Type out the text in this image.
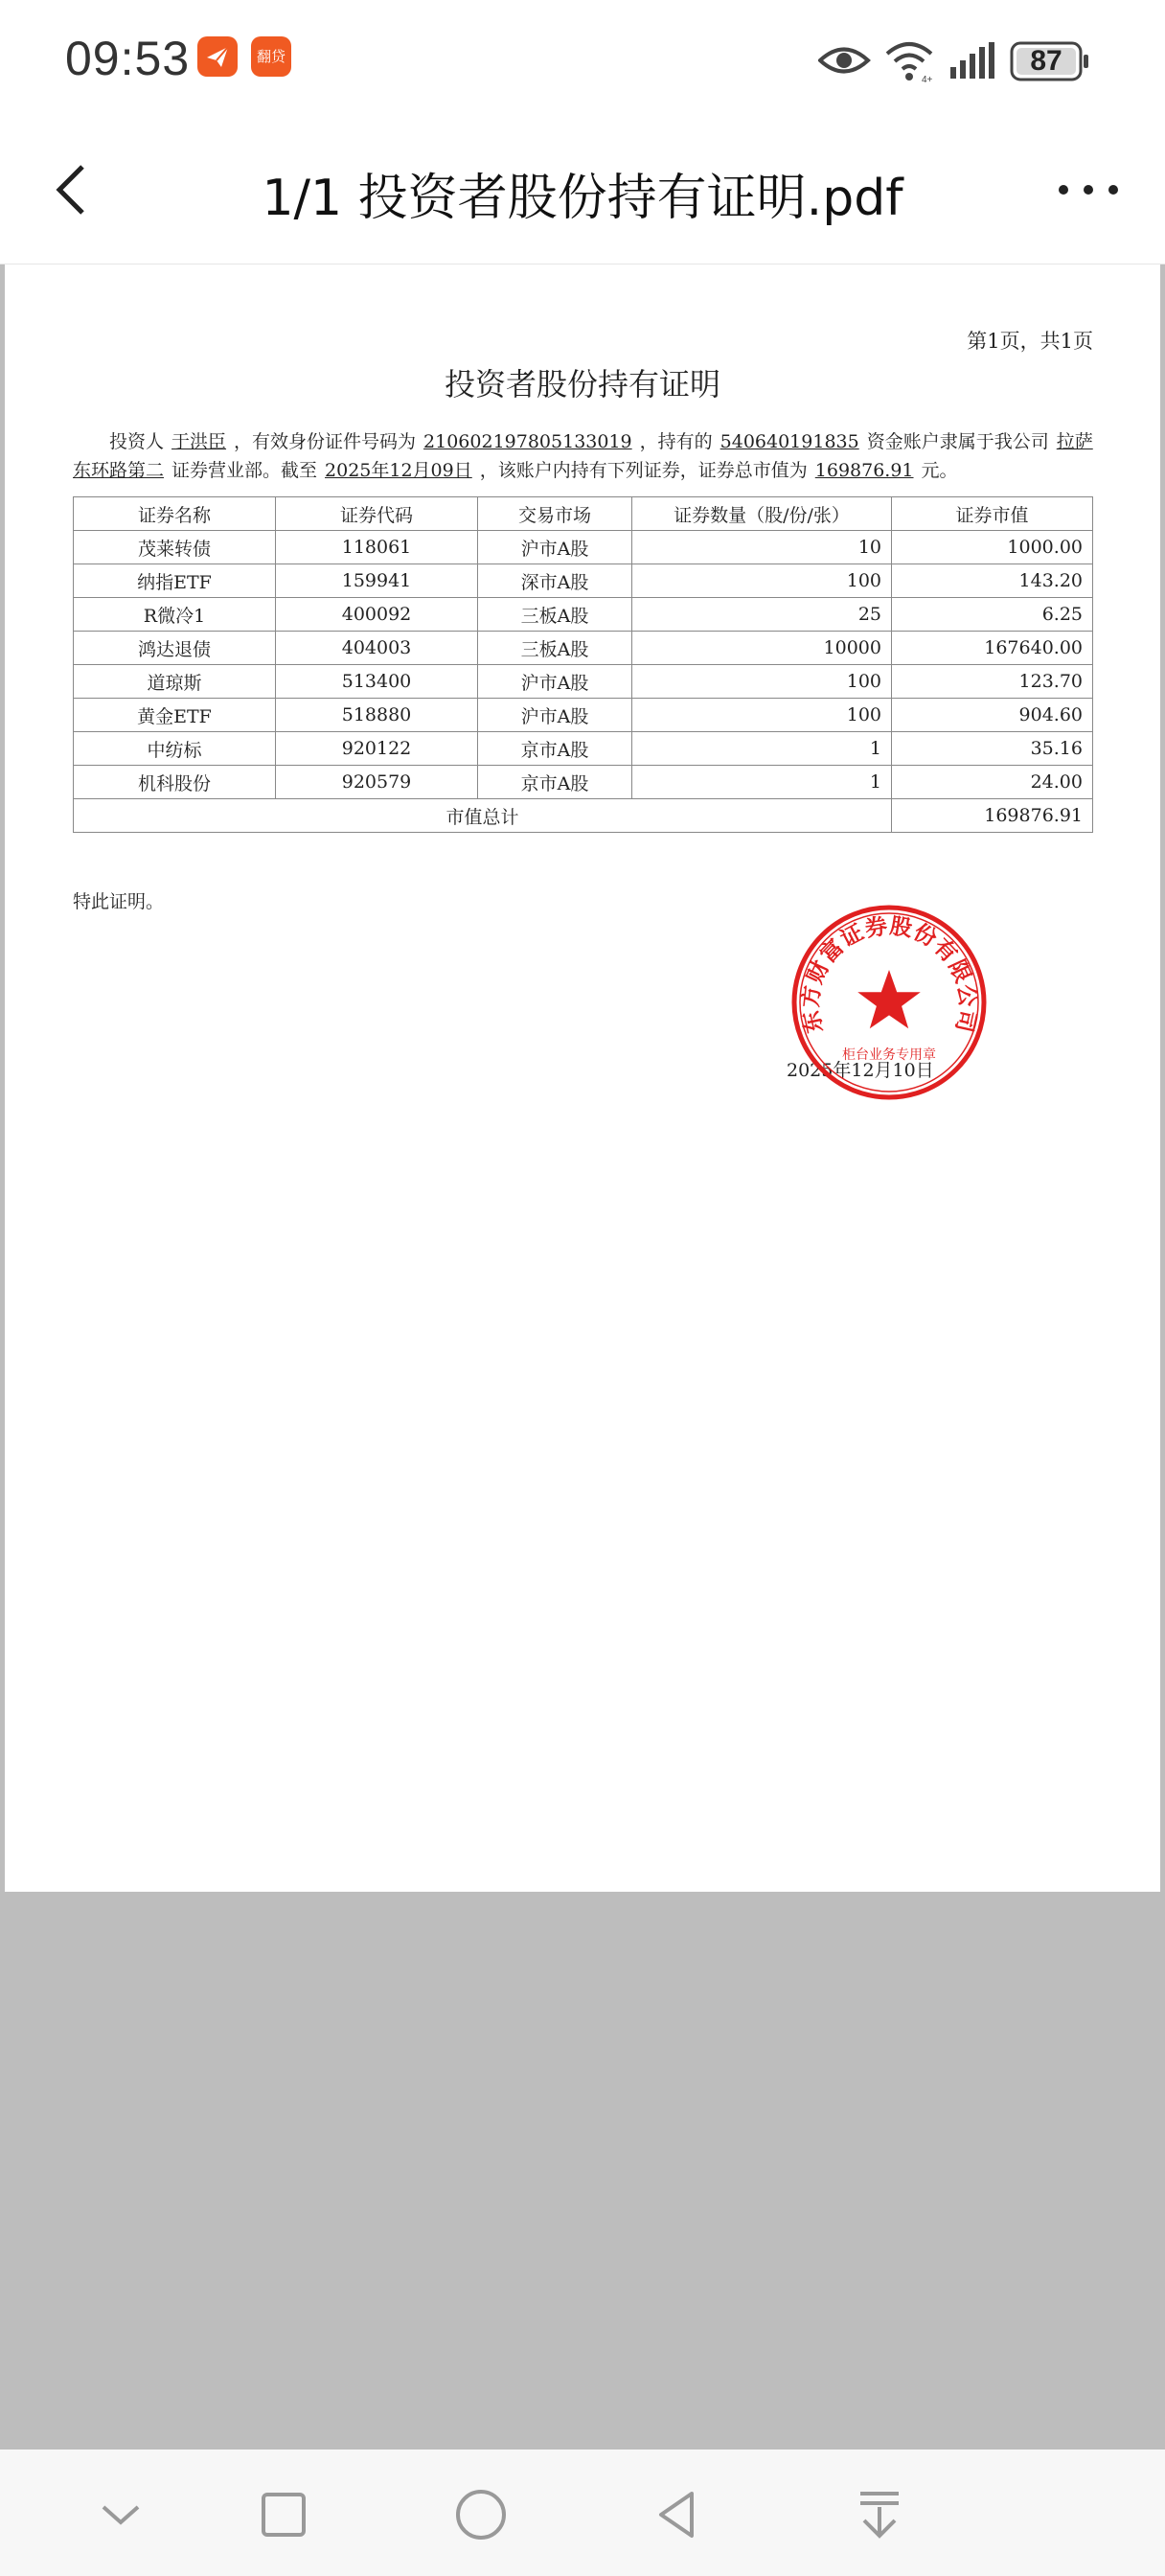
09:53	翻贷
4+
87
1/1 投资者股份持有证明.pdf
第1页，共1页
投资者股份持有证明
投资人 于洪臣 ，有效身份证件号码为 210602197805133019 ，持有的 540640191835 资金账户隶属于我公司 拉萨东环路第二 证券营业部。截至 2025年12月09日 ，该账户内持有下列证券，证券总市值为 169876.91 元。
证券名称	证券代码	交易市场	证券数量（股/份/张）	证券市值
茂莱转债	118061	沪市A股	10	1000.00
纳指ETF	159941	深市A股	100	143.20
R微冷1	400092	三板A股	25	6.25
鸿达退债	404003	三板A股	10000	167640.00
道琼斯	513400	沪市A股	100	123.70
黄金ETF	518880	沪市A股	100	904.60
中纺标	920122	京市A股	1	35.16
机科股份	920579	京市A股	1	24.00
市值总计				169876.91
特此证明。
2025年12月10日
东方财富证券股份有限公司
柜台业务专用章
